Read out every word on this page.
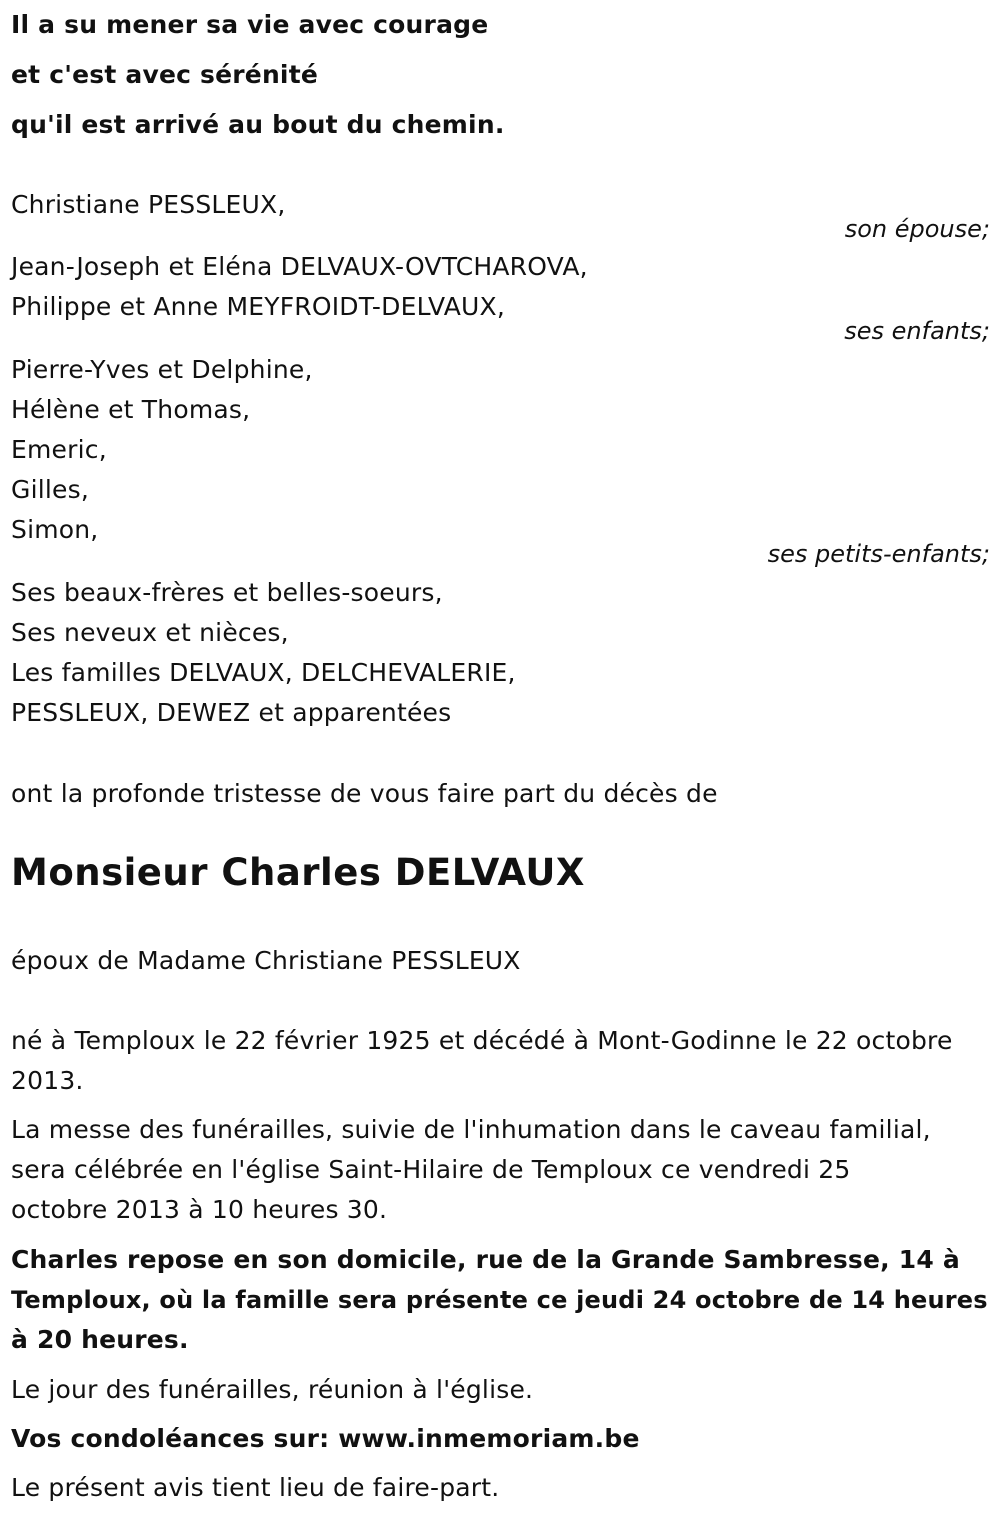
Il a su mener sa vie avec courage
et c'est avec sérénité
qu'il est arrivé au bout du chemin.
Christiane PESSLEUX,
son épouse;
Jean-Joseph et Eléna DELVAUX-OVTCHAROVA,
Philippe et Anne MEYFROIDT-DELVAUX,
ses enfants;
Pierre-Yves et Delphine,
Hélène et Thomas,
Emeric,
Gilles,
Simon,
ses petits-enfants;
Ses beaux-frères et belles-soeurs,
Ses neveux et nièces,
Les familles DELVAUX, DELCHEVALERIE,
PESSLEUX, DEWEZ et apparentées
ont la profonde tristesse de vous faire part du décès de
Monsieur Charles DELVAUX
époux de Madame Christiane PESSLEUX
né à Temploux le 22 février 1925 et décédé à Mont-Godinne le 22 octobre
2013.
La messe des funérailles, suivie de l'inhumation dans le caveau familial,
sera célébrée en l'église Saint-Hilaire de Temploux ce vendredi 25
octobre 2013 à 10 heures 30.
Charles repose en son domicile, rue de la Grande Sambresse, 14 à
Temploux, où la famille sera présente ce jeudi 24 octobre de 14 heures
à 20 heures.
Le jour des funérailles, réunion à l'église.
Vos condoléances sur: www.inmemoriam.be
Le présent avis tient lieu de faire-part.
